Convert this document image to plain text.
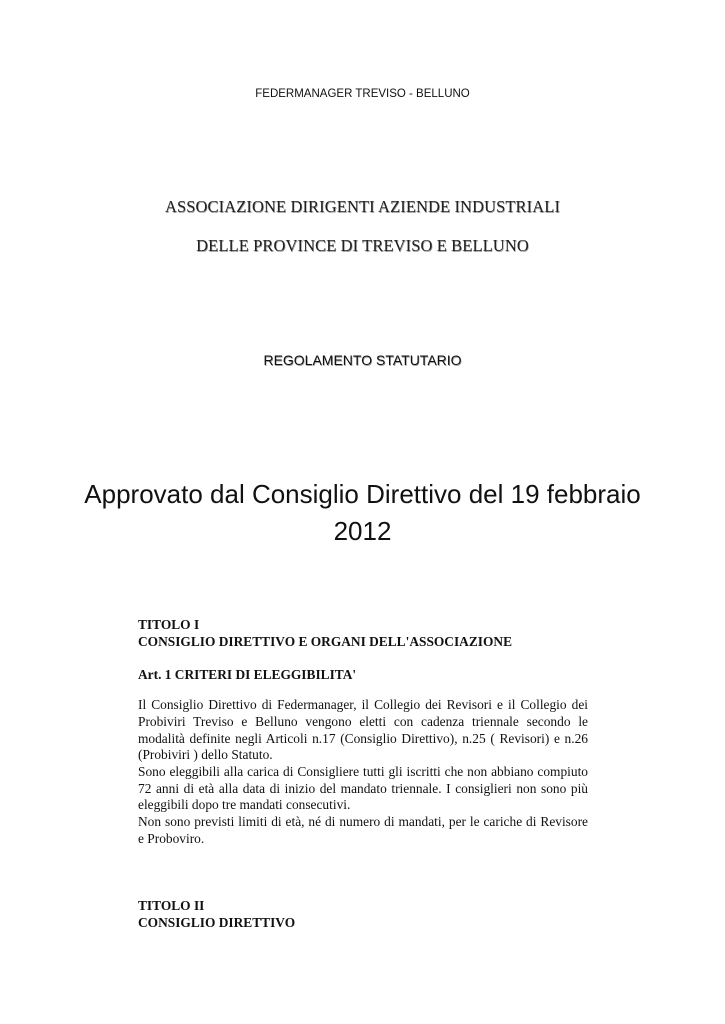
FEDERMANAGER TREVISO - BELLUNO
ASSOCIAZIONE DIRIGENTI AZIENDE INDUSTRIALI
DELLE PROVINCE DI TREVISO E BELLUNO
REGOLAMENTO STATUTARIO
Approvato dal Consiglio Direttivo del 19 febbraio
2012
TITOLO I
CONSIGLIO DIRETTIVO E ORGANI DELL'ASSOCIAZIONE
Art. 1 CRITERI DI ELEGGIBILITA'

Il Consiglio Direttivo di Federmanager, il Collegio dei Revisori e il Collegio dei Probiviri Treviso e Belluno vengono eletti con cadenza triennale secondo le modalità definite negli Articoli n.17 (Consiglio Direttivo), n.25 ( Revisori) e n.26 (Probiviri ) dello Statuto.

Sono eleggibili alla carica di Consigliere tutti gli iscritti che non abbiano compiuto 72 anni di età alla data di inizio del mandato triennale. I consiglieri non sono più eleggibili dopo tre mandati consecutivi.

Non sono previsti limiti di età, né di numero di mandati, per le cariche di Revisore e Proboviro.

TITOLO II
CONSIGLIO DIRETTIVO
